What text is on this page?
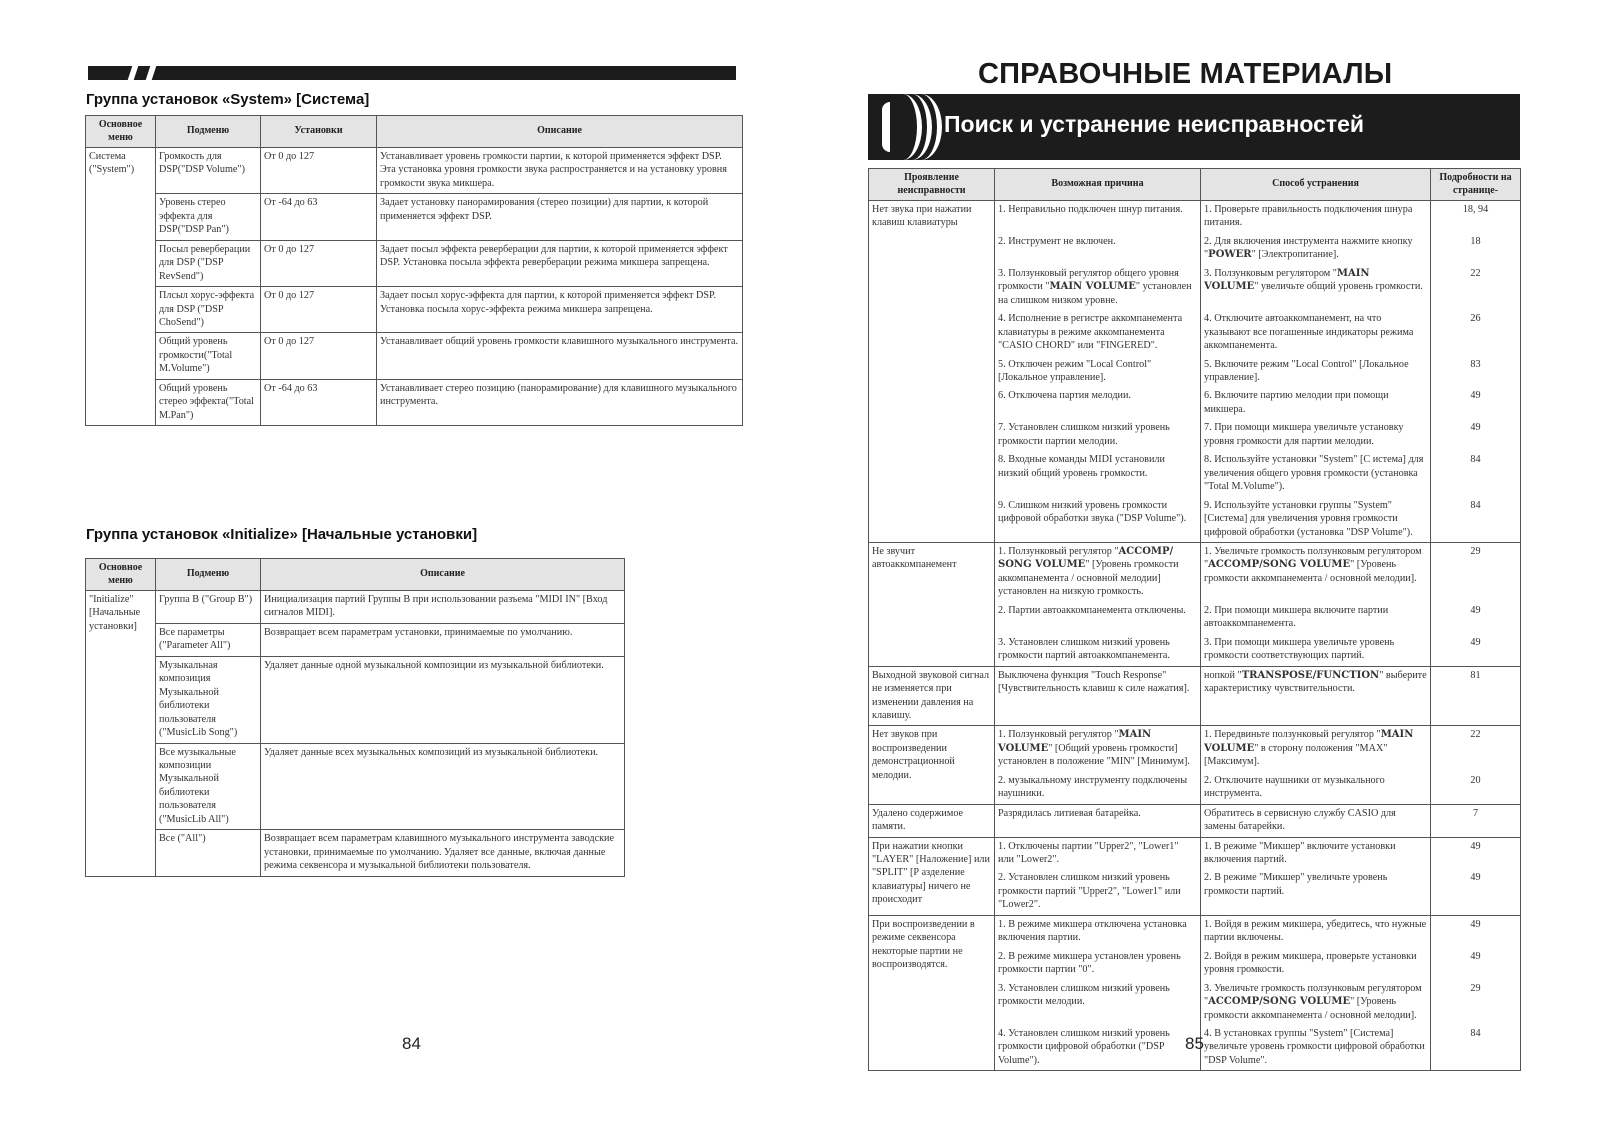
Группа установок «System» [Система]
Основное меню	Подменю	Установки	Описание
Система ("System")	Громкость для DSP("DSP Volume")	От 0 до 127	Устанавливает уровень громкости партии, к которой применяется эффект DSP. Эта установка уровня громкости звука распространяется и на установку уровня громкости звука микшера.
	Уровень стерео эффекта для DSP("DSP Pan")	От -64 до 63	Задает установку панорамирования (стерео позиции) для партии, к которой применяется эффект DSP.
	Посыл реверберации для DSP ("DSP RevSend")	От 0 до 127	Задает посыл эффекта реверберации для партии, к которой применяется эффект DSP. Установка посыла эффекта реверберации режима микшера запрещена.
	Плсыл хорус-эффекта для DSP ("DSP ChoSend")	От 0 до 127	Задает посыл хорус-эффекта для партии, к которой применяется эффект DSP. Установка посыла хорус-эффекта режима микшера запрещена.
	Общий уровень громкости("Total M.Volume")	От 0 до 127	Устанавливает общий уровень громкости клавишного музыкального инструмента.
	Общий уровень стерео эффекта("Total M.Pan")	От -64 до 63	Устанавливает стерео позицию (панорамирование) для клавишного музыкального инструмента.
Группа установок «Initialize» [Начальные установки]
Основное меню	Подменю	Описание
"Initialize" [Начальные установки]	Группа B ("Group B")	Инициализация партий Группы B при использовании разъема "MIDI IN" [Вход сигналов MIDI].
	Все параметры ("Parameter All")	Возвращает всем параметрам установки, принимаемые по умолчанию.
	Музыкальная композиция Музыкальной библиотеки пользователя ("MusicLib Song")	Удаляет данные одной музыкальной композиции из музыкальной библиотеки.
	Все музыкальные композиции Музыкальной библиотеки пользователя ("MusicLib All")	Удаляет данные всех музыкальных композиций из музыкальной библиотеки.
	Все ("All")	Возвращает всем параметрам клавишного музыкального инструмента заводские установки, принимаемые по умолчанию. Удаляет все данные, включая данные режима секвенсора и музыкальной библиотеки пользователя.
84
СПРАВОЧНЫЕ МАТЕРИАЛЫ
Поиск и устранение неисправностей
Проявление неисправности	Возможная причина	Способ устранения	Подробности на странице-
Нет звука при нажатии клавиш клавиатуры	1. Неправильно подключен шнур питания.	1. Проверьте правильность подключения шнура питания.	18, 94
	2. Инструмент не включен.	2. Для включения инструмента нажмите кнопку "POWER" [Электропитание].	18
	3. Ползунковый регулятор общего уровня громкости "MAIN VOLUME" установлен на слишком низком уровне.	3. Ползунковым регулятором "MAIN VOLUME" увеличьте общий уровень громкости.	22
	4. Исполнение в регистре аккомпанемента клавиатуры в режиме аккомпанемента "CASIO CHORD" или "FINGERED".	4. Отключите автоаккомпанемент, на что указывают все погашенные индикаторы режима аккомпанемента.	26
	5. Отключен режим "Local Control" [Локальное управление].	5. Включите режим "Local Control" [Локальное управление].	83
	6. Отключена партия мелодии.	6. Включите партию мелодии при помощи микшера.	49
	7. Установлен слишком низкий уровень громкости партии мелодии.	7. При помощи микшера увеличьте установку уровня громкости для партии мелодии.	49
	8. Входные команды MIDI установили низкий общий уровень громкости.	8. Используйте установки "System" [С истема] для увеличения общего уровня громкости (установка "Total M.Volume").	84
	9. Слишком низкий уровень громкости цифровой обработки звука ("DSP Volume").	9. Используйте установки группы "System" [Система] для увеличения уровня громкости цифровой обработки (установка "DSP Volume").	84
Не звучит автоаккомпанемент	1. Ползунковый регулятор "ACCOMP/ SONG VOLUME" [Уровень громкости аккомпанемента / основной мелодии] установлен на низкую громкость.	1. Увеличьте громкость ползунковым регулятором "ACCOMP/SONG VOLUME" [Уровень громкости аккомпанемента / основной мелодии].	29
	2. Партии автоаккомпанемента отключены.	2. При помощи микшера включите партии автоаккомпанемента.	49
	3. Установлен слишком низкий уровень громкости партий автоаккомпанемента.	3. При помощи микшера увеличьте уровень громкости соответствующих партий.	49
Выходной звуковой сигнал не изменяется при изменении давления на клавишу.	Выключена функция "Touch Response" [Чувствительность клавиш к силе нажатия].	нопкой "TRANSPOSE/FUNCTION" выберите характеристику чувствительности.	81
Нет звуков при воспроизведении демонстрационной мелодии.	1. Ползунковый регулятор "MAIN VOLUME" [Общий уровень громкости] установлен в положение "MIN" [Минимум].	1. Передвиньте ползунковый регулятор "MAIN VOLUME" в сторону положения "MAX" [Максимум].	22
	2. музыкальному инструменту подключены наушники.	2. Отключите наушники от музыкального инструмента.	20
Удалено содержимое памяти.	Разрядилась литиевая батарейка.	Обратитесь в сервисную службу CASIO для замены батарейки.	7
При нажатии кнопки "LAYER" [Наложение] или "SPLIT" [Р азделение клавиатуры] ничего не происходит	1. Отключены партии "Upper2", "Lower1" или "Lower2".	1. В режиме "Микшер" включите установки включения партий.	49
	2. Установлен слишком низкий уровень громкости партий "Upper2", "Lower1" или "Lower2".	2. В режиме "Микшер" увеличьте уровень громкости партий.	49
При воспроизведении в режиме секвенсора некоторые партии не воспроизводятся.	1. В режиме микшера отключена установка включения партии.	1. Войдя в режим микшера, убедитесь, что нужные партии включены.	49
	2. В режиме микшера установлен уровень громкости партии "0".	2. Войдя в режим микшера, проверьте установки уровня громкости.	49
	3. Установлен слишком низкий уровень громкости мелодии.	3. Увеличьте громкость ползунковым регулятором "ACCOMP/SONG VOLUME" [Уровень громкости аккомпанемента / основной мелодии].	29
	4. Установлен слишком низкий уровень громкости цифровой обработки ("DSP Volume").	4. В установках группы "System" [Система] увеличьте уровень громкости цифровой обработки "DSP Volume".	84
85
